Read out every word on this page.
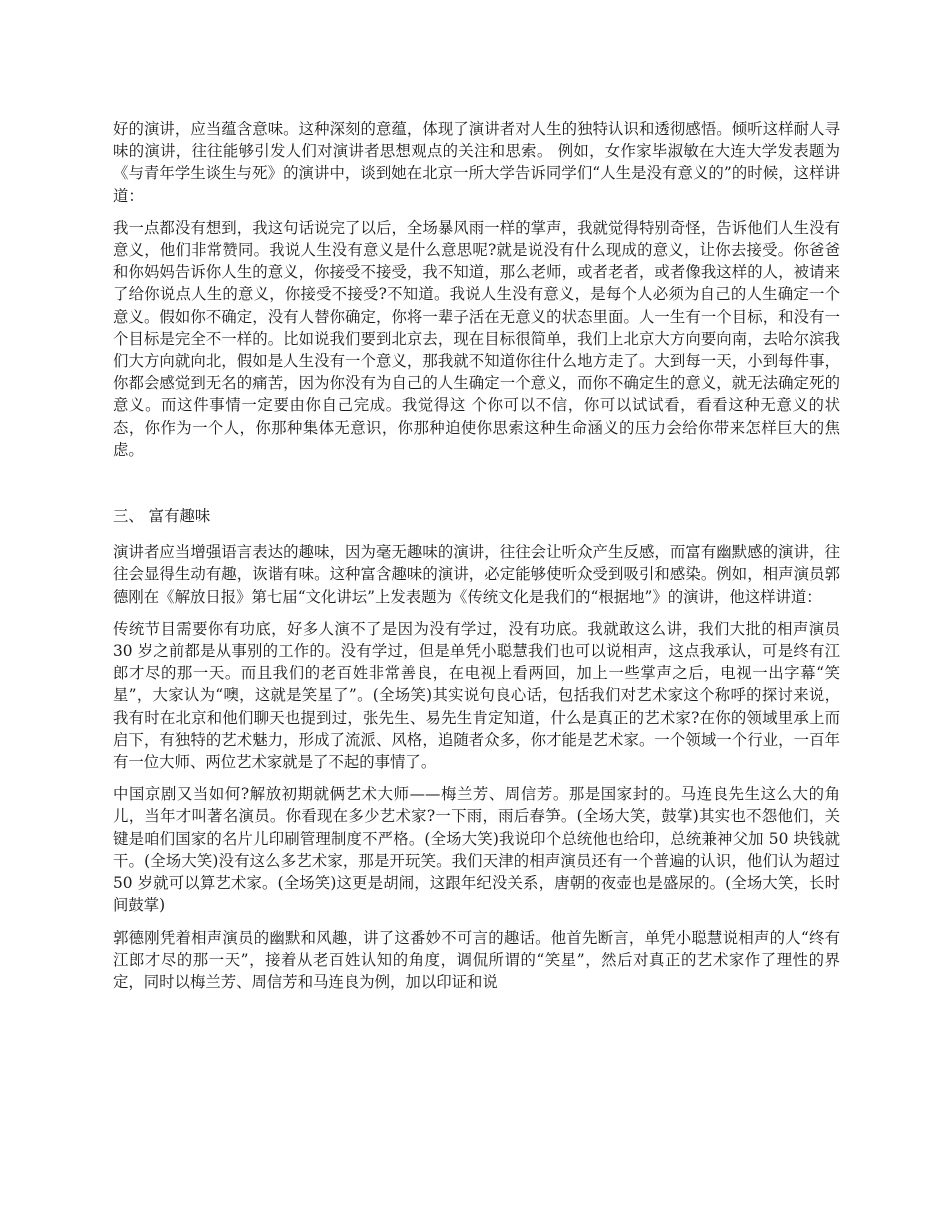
好的演讲，应当蕴含意味。这种深刻的意蕴，体现了演讲者对人生的独特认识和透彻感悟。倾听这样耐人寻味的演讲，往往能够引发人们对演讲者思想观点的关注和思索。 例如，女作家毕淑敏在大连大学发表题为《与青年学生谈生与死》的演讲中，谈到她在北京一所大学告诉同学们“人生是没有意义的”的时候，这样讲道：

我一点都没有想到，我这句话说完了以后，全场暴风雨一样的掌声，我就觉得特别奇怪，告诉他们人生没有意义，他们非常赞同。我说人生没有意义是什么意思呢?就是说没有什么现成的意义，让你去接受。你爸爸和你妈妈告诉你人生的意义，你接受不接受，我不知道，那么老师，或者老者，或者像我这样的人，被请来了给你说点人生的意义，你接受不接受?不知道。我说人生没有意义，是每个人必须为自己的人生确定一个意义。假如你不确定，没有人替你确定，你将一辈子活在无意义的状态里面。人一生有一个目标，和没有一个目标是完全不一样的。比如说我们要到北京去，现在目标很简单，我们上北京大方向要向南，去哈尔滨我们大方向就向北，假如是人生没有一个意义，那我就不知道你往什么地方走了。大到每一天，小到每件事，你都会感觉到无名的痛苦，因为你没有为自己的人生确定一个意义，而你不确定生的意义，就无法确定死的意义。而这件事情一定要由你自己完成。我觉得这 个你可以不信，你可以试试看，看看这种无意义的状态，你作为一个人，你那种集体无意识，你那种迫使你思索这种生命涵义的压力会给你带来怎样巨大的焦虑。

三、 富有趣味

演讲者应当增强语言表达的趣味，因为毫无趣味的演讲，往往会让听众产生反感，而富有幽默感的演讲，往往会显得生动有趣，诙谐有味。这种富含趣味的演讲，必定能够使听众受到吸引和感染。例如，相声演员郭德刚在《解放日报》第七届“文化讲坛”上发表题为《传统文化是我们的“根据地”》的演讲，他这样讲道：

传统节目需要你有功底，好多人演不了是因为没有学过，没有功底。我就敢这么讲，我们大批的相声演员 30 岁之前都是从事别的工作的。没有学过，但是单凭小聪慧我们也可以说相声，这点我承认，可是终有江郎才尽的那一天。而且我们的老百姓非常善良，在电视上看两回，加上一些掌声之后，电视一出字幕“笑星”，大家认为“噢，这就是笑星了”。(全场笑)其实说句良心话，包括我们对艺术家这个称呼的探讨来说，我有时在北京和他们聊天也提到过，张先生、易先生肯定知道，什么是真正的艺术家?在你的领域里承上而启下，有独特的艺术魅力，形成了流派、风格，追随者众多，你才能是艺术家。一个领域一个行业，一百年有一位大师、两位艺术家就是了不起的事情了。

中国京剧又当如何?解放初期就俩艺术大师——梅兰芳、周信芳。那是国家封的。马连良先生这么大的角儿，当年才叫著名演员。你看现在多少艺术家?一下雨，雨后春笋。(全场大笑，鼓掌)其实也不怨他们，关键是咱们国家的名片儿印刷管理制度不严格。(全场大笑)我说印个总统他也给印，总统兼神父加 50 块钱就干。(全场大笑)没有这么多艺术家，那是开玩笑。我们天津的相声演员还有一个普遍的认识，他们认为超过 50 岁就可以算艺术家。(全场笑)这更是胡闹，这跟年纪没关系，唐朝的夜壶也是盛尿的。(全场大笑，长时间鼓掌)

郭德刚凭着相声演员的幽默和风趣，讲了这番妙不可言的趣话。他首先断言，单凭小聪慧说相声的人“终有江郎才尽的那一天”，接着从老百姓认知的角度，调侃所谓的“笑星”，然后对真正的艺术家作了理性的界定，同时以梅兰芳、周信芳和马连良为例，加以印证和说
